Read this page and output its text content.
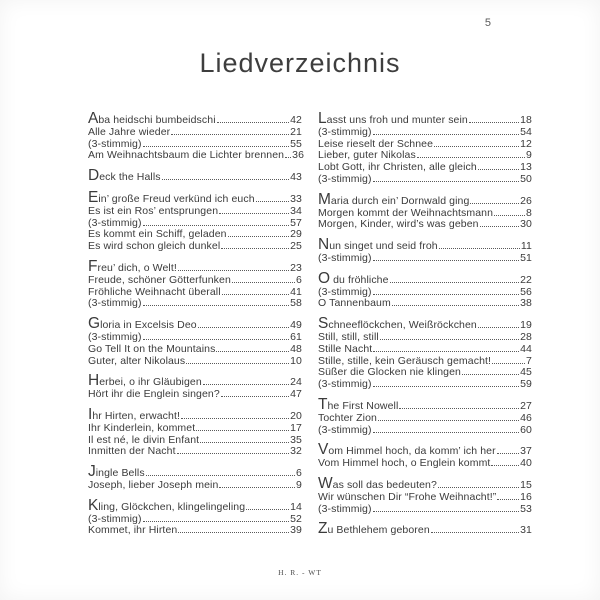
5
Liedverzeichnis
Aba heidschi bumbeidschi	42
Alle Jahre wieder	21
(3-stimmig)	55
Am Weihnachtsbaum die Lichter brennen 36
Deck the Halls	43
Ein’ große Freud verkünd ich euch	33
Es ist ein Ros’ entsprungen	34
(3-stimmig)	57
Es kommt ein Schiff, geladen	29
Es wird schon gleich dunkel	25
Freu’ dich, o Welt!	23
Freude, schöner Götterfunken	6
Fröhliche Weihnacht überall	41
(3-stimmig)	58
Gloria in Excelsis Deo	49
(3-stimmig)	61
Go Tell It on the Mountains	48
Guter, alter Nikolaus	10
Herbei, o ihr Gläubigen	24
Hört ihr die Englein singen?	47
Ihr Hirten, erwacht!	20
Ihr Kinderlein, kommet	17
Il est né, le divin Enfant	35
Inmitten der Nacht	32
Jingle Bells	6
Joseph, lieber Joseph mein	9
Kling, Glöckchen, klingelingeling	14
(3-stimmig)	52
Kommet, ihr Hirten	39
Lasst uns froh und munter sein	18
(3-stimmig)	54
Leise rieselt der Schnee	12
Lieber, guter Nikolas	9
Lobt Gott, ihr Christen, alle gleich	13
(3-stimmig)	50
Maria durch ein’ Dornwald ging	26
Morgen kommt der Weihnachtsmann	8
Morgen, Kinder, wird’s was geben	30
Nun singet und seid froh	11
(3-stimmig)	51
O du fröhliche	22
(3-stimmig)	56
O Tannenbaum	38
Schneeflöckchen, Weißröckchen	19
Still, still, still	28
Stille Nacht	44
Stille, stille, kein Geräusch gemacht!	7
Süßer die Glocken nie klingen	45
(3-stimmig)	59
The First Nowell	27
Tochter Zion	46
(3-stimmig)	60
Vom Himmel hoch, da komm’ ich her 37
Vom Himmel hoch, o Englein kommt	40
Was soll das bedeuten?	15
Wir wünschen Dir “Frohe Weihnacht!” 16
(3-stimmig)	53
Zu Bethlehem geboren	31
H. R. - WT
